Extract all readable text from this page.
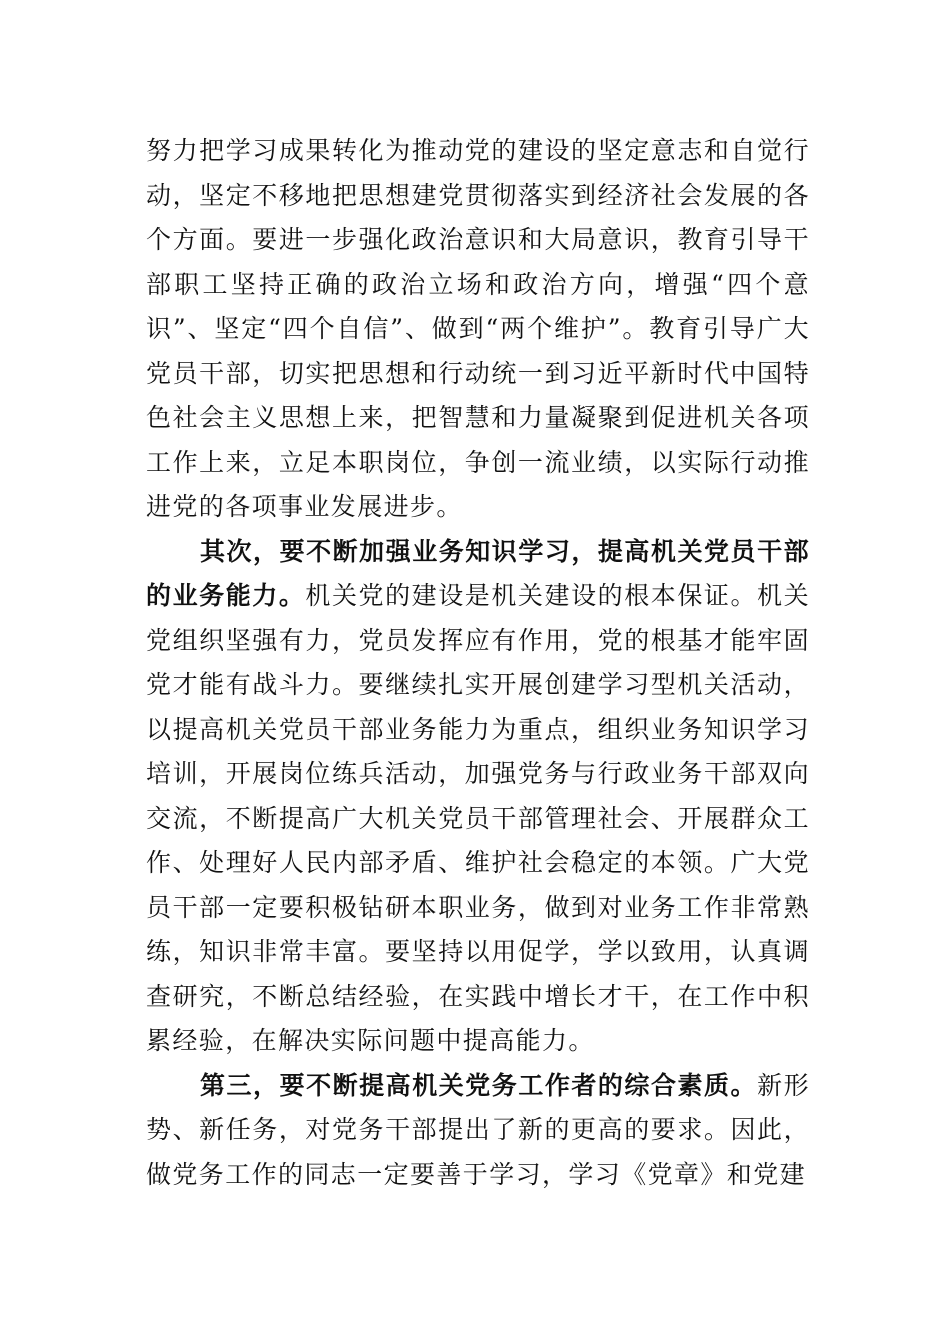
努力把学习成果转化为推动党的建设的坚定意志和自觉行动，坚定不移地把思想建党贯彻落实到经济社会发展的各个方面。要进一步强化政治意识和大局意识，教育引导干部职工坚持正确的政治立场和政治方向，增强“四个意识”、坚定“四个自信”、做到“两个维护”。教育引导广大党员干部，切实把思想和行动统一到习近平新时代中国特色社会主义思想上来，把智慧和力量凝聚到促进机关各项工作上来，立足本职岗位，争创一流业绩，以实际行动推进党的各项事业发展进步。

其次，要不断加强业务知识学习，提高机关党员干部的业务能力。机关党的建设是机关建设的根本保证。机关党组织坚强有力，党员发挥应有作用，党的根基才能牢固党才能有战斗力。要继续扎实开展创建学习型机关活动，以提高机关党员干部业务能力为重点，组织业务知识学习培训，开展岗位练兵活动，加强党务与行政业务干部双向交流，不断提高广大机关党员干部管理社会、开展群众工作、处理好人民内部矛盾、维护社会稳定的本领。广大党员干部一定要积极钻研本职业务，做到对业务工作非常熟练，知识非常丰富。要坚持以用促学，学以致用，认真调查研究，不断总结经验，在实践中增长才干，在工作中积累经验，在解决实际问题中提高能力。

第三，要不断提高机关党务工作者的综合素质。新形势、新任务，对党务干部提出了新的更高的要求。因此，做党务工作的同志一定要善于学习，学习《党章》和党建
